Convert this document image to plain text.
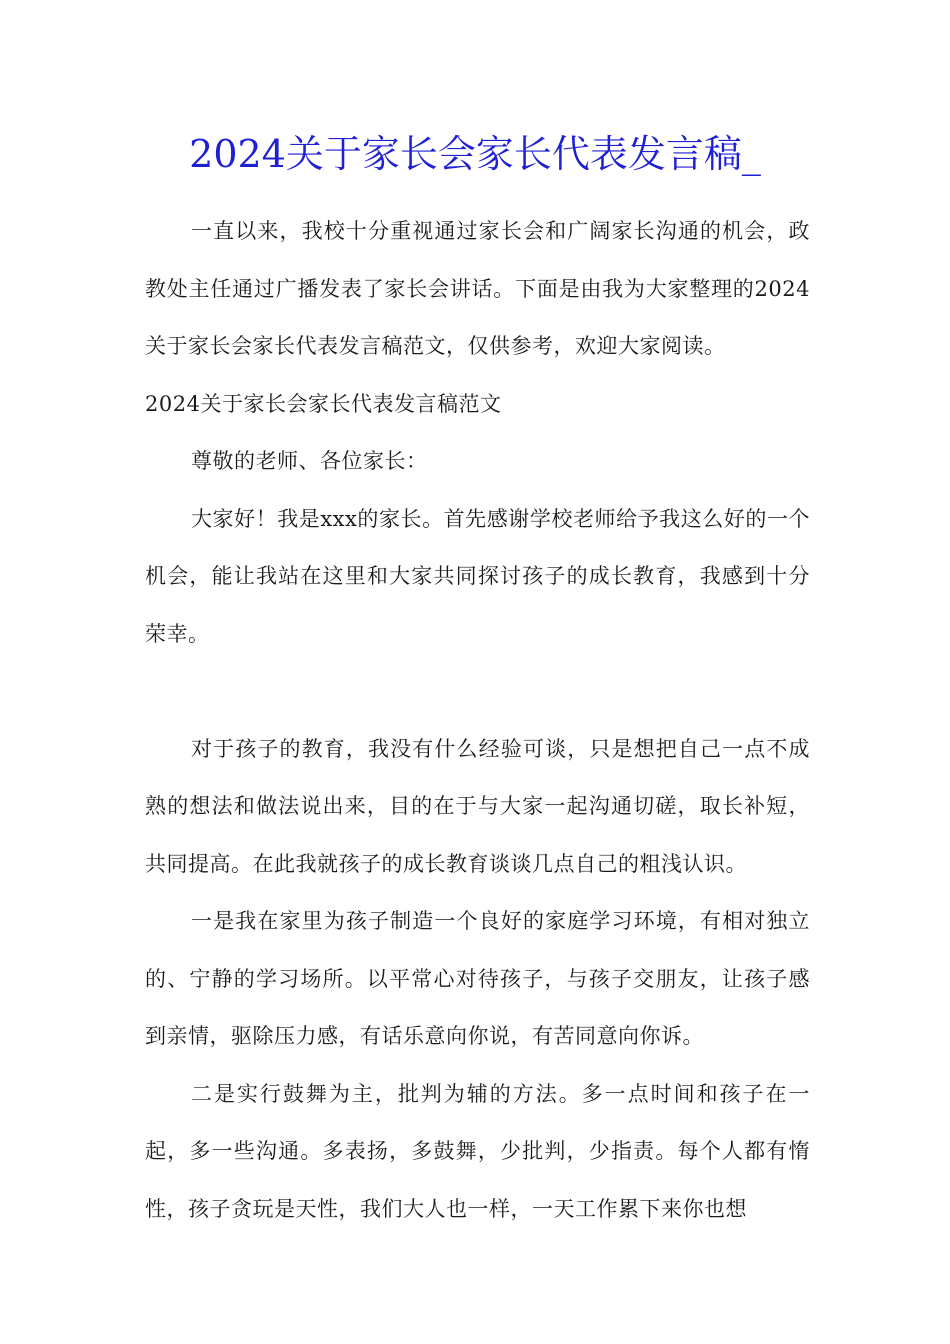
2024关于家长会家长代表发言稿_

一直以来，我校十分重视通过家长会和广阔家长沟通的机会，政教处主任通过广播发表了家长会讲话。下面是由我为大家整理的2024关于家长会家长代表发言稿范文，仅供参考，欢迎大家阅读。

2024关于家长会家长代表发言稿范文

尊敬的老师、各位家长：

大家好！我是xxx的家长。首先感谢学校老师给予我这么好的一个机会，能让我站在这里和大家共同探讨孩子的成长教育，我感到十分荣幸。

对于孩子的教育，我没有什么经验可谈，只是想把自己一点不成熟的想法和做法说出来，目的在于与大家一起沟通切磋，取长补短，共同提高。在此我就孩子的成长教育谈谈几点自己的粗浅认识。

一是我在家里为孩子制造一个良好的家庭学习环境，有相对独立的、宁静的学习场所。以平常心对待孩子，与孩子交朋友，让孩子感到亲情，驱除压力感，有话乐意向你说，有苦同意向你诉。

二是实行鼓舞为主，批判为辅的方法。多一点时间和孩子在一起，多一些沟通。多表扬，多鼓舞，少批判，少指责。每个人都有惰性，孩子贪玩是天性，我们大人也一样，一天工作累下来你也想
